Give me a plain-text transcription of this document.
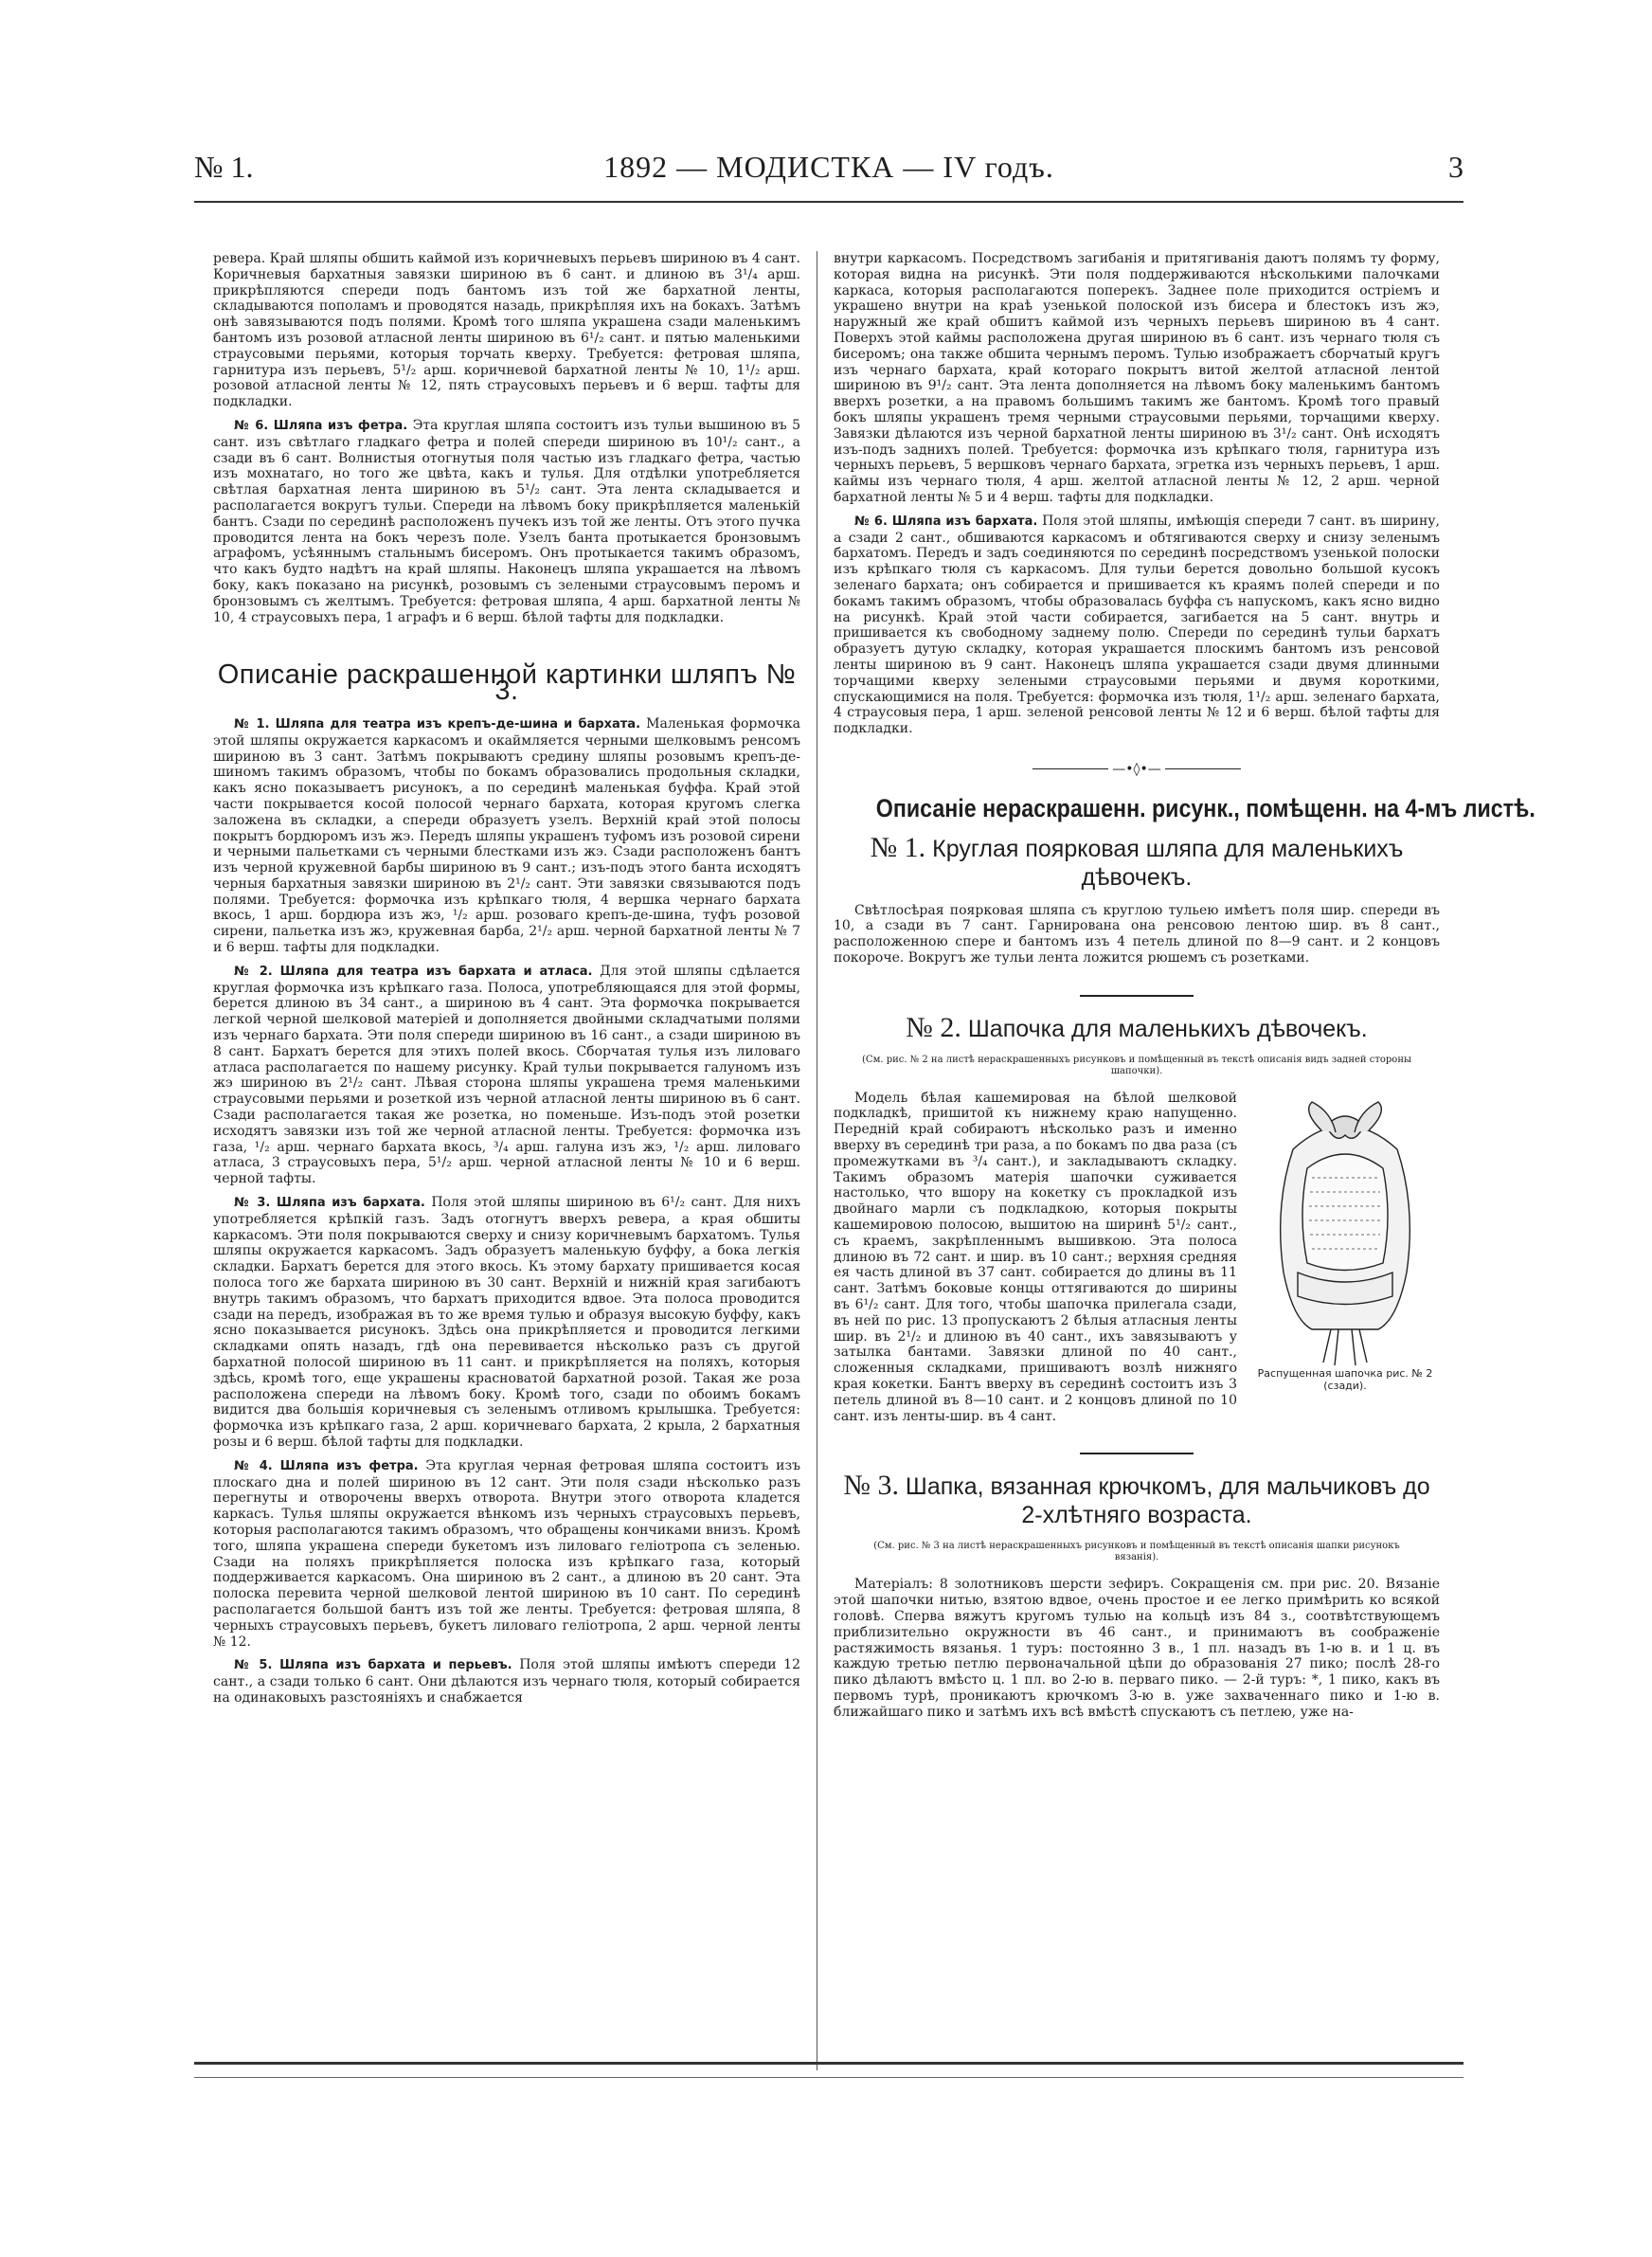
№ 1.	1892 — МОДИСТКА — IV годъ.	3

ревера. Край шляпы обшить каймой изъ коричневыхъ перьевъ шириною въ 4 сант. Коричневыя бархатныя завязки шириною въ 6 сант. и длиною въ 3¹/₄ арш. прикрѣпляются спереди подъ бантомъ изъ той же бархатной ленты, складываются пополамъ и проводятся назадь, прикрѣпляя ихъ на бокахъ. Затѣмъ онѣ завязываются подъ полями. Кромѣ того шляпа украшена сзади маленькимъ бантомъ изъ розовой атласной ленты шириною въ 6¹/₂ сант. и пятью маленькими страусовыми перьями, которыя торчать кверху. Требуется: фетровая шляпа, гарнитура изъ перьевъ, 5¹/₂ арш. коричневой бархатной ленты № 10, 1¹/₂ арш. розовой атласной ленты № 12, пять страусовыхъ перьевъ и 6 верш. тафты для подкладки.

№ 6. Шляпа изъ фетра. Эта круглая шляпа состоитъ изъ тульи вышиною въ 5 сант. изъ свѣтлаго гладкаго фетра и полей спереди шириною въ 10¹/₂ сант., а сзади въ 6 сант. Волнистыя отогнутыя поля частью изъ гладкаго фетра, частью изъ мохнатаго, но того же цвѣта, какъ и тулья. Для отдѣлки употребляется свѣтлая бархатная лента шириною въ 5¹/₂ сант. Эта лента складывается и располагается вокругъ тульи. Спереди на лѣвомъ боку прикрѣпляется маленькій бантъ. Сзади по серединѣ расположенъ пучекъ изъ той же ленты. Отъ этого пучка проводится лента на бокъ черезъ поле. Узелъ банта протыкается бронзовымъ аграфомъ, усѣяннымъ стальнымъ бисеромъ. Онъ протыкается такимъ образомъ, что какъ будто надѣтъ на край шляпы. Наконецъ шляпа украшается на лѣвомъ боку, какъ показано на рисункѣ, розовымъ съ зелеными страусовымъ перомъ и бронзовымъ съ желтымъ. Требуется: фетровая шляпа, 4 арш. бархатной ленты № 10, 4 страусовыхъ пера, 1 аграфъ и 6 верш. бѣлой тафты для подкладки.

Описаніе раскрашенной картинки шляпъ № 3.

№ 1. Шляпа для театра изъ крепъ-де-шина и бархата. Маленькая формочка этой шляпы окружается каркасомъ и окаймляется черными шелковымъ ренсомъ шириною въ 3 сант. Затѣмъ покрываютъ средину шляпы розовымъ крепъ-де-шиномъ такимъ образомъ, чтобы по бокамъ образовались продольныя складки, какъ ясно показываетъ рисунокъ, а по серединѣ маленькая буффа. Край этой части покрывается косой полосой чернаго бархата, которая кругомъ слегка заложена въ складки, а спереди образуетъ узелъ. Верхній край этой полосы покрытъ бордюромъ изъ жэ. Передъ шляпы украшенъ туфомъ изъ розовой сирени и черными пальетками съ черными блестками изъ жэ. Сзади расположенъ бантъ изъ черной кружевной барбы шириною въ 9 сант.; изъ-подъ этого банта исходятъ черныя бархатныя завязки шириною въ 2¹/₂ сант. Эти завязки связываются подъ полями. Требуется: формочка изъ крѣпкаго тюля, 4 вершка чернаго бархата вкось, 1 арш. бордюра изъ жэ, ¹/₂ арш. розоваго крепъ-де-шина, туфъ розовой сирени, пальетка изъ жэ, кружевная барба, 2¹/₂ арш. черной бархатной ленты № 7 и 6 верш. тафты для подкладки.

№ 2. Шляпа для театра изъ бархата и атласа. Для этой шляпы сдѣлается круглая формочка изъ крѣпкаго газа. Полоса, употребляющаяся для этой формы, берется длиною въ 34 сант., а шириною въ 4 сант. Эта формочка покрывается легкой черной шелковой матеріей и дополняется двойными складчатыми полями изъ чернаго бархата. Эти поля спереди шириною въ 16 сант., а сзади шириною въ 8 сант. Бархатъ берется для этихъ полей вкось. Сборчатая тулья изъ лиловаго атласа располагается по нашему рисунку. Край тульи покрывается галуномъ изъ жэ шириною въ 2¹/₂ сант. Лѣвая сторона шляпы украшена тремя маленькими страусовыми перьями и розеткой изъ черной атласной ленты шириною въ 6 сант. Сзади располагается такая же розетка, но поменьше. Изъ-подъ этой розетки исходятъ завязки изъ той же черной атласной ленты. Требуется: формочка изъ газа, ¹/₂ арш. чернаго бархата вкось, ³/₄ арш. галуна изъ жэ, ¹/₂ арш. лиловаго атласа, 3 страусовыхъ пера, 5¹/₂ арш. черной атласной ленты № 10 и 6 верш. черной тафты.

№ 3. Шляпа изъ бархата. Поля этой шляпы шириною въ 6¹/₂ сант. Для нихъ употребляется крѣпкій газъ. Задъ отогнутъ вверхъ ревера, а края обшиты каркасомъ. Эти поля покрываются сверху и снизу коричневымъ бархатомъ. Тулья шляпы окружается каркасомъ. Задъ образуетъ маленькую буффу, а бока легкія складки. Бархатъ берется для этого вкось. Къ этому бархату пришивается косая полоса того же бархата шириною въ 30 сант. Верхній и нижній края загибаютъ внутрь такимъ образомъ, что бархатъ приходится вдвое. Эта полоса проводится сзади на передъ, изображая въ то же время тулью и образуя высокую буффу, какъ ясно показывается рисунокъ. Здѣсь она прикрѣпляется и проводится легкими складками опять назадъ, гдѣ она перевивается нѣсколько разъ съ другой бархатной полосой шириною въ 11 сант. и прикрѣпляется на поляхъ, которыя здѣсь, кромѣ того, еще украшены красноватой бархатной розой. Такая же роза расположена спереди на лѣвомъ боку. Кромѣ того, сзади по обоимъ бокамъ видится два большія коричневыя съ зеленымъ отливомъ крылышка. Требуется: формочка изъ крѣпкаго газа, 2 арш. коричневаго бархата, 2 крыла, 2 бархатныя розы и 6 верш. бѣлой тафты для подкладки.

№ 4. Шляпа изъ фетра. Эта круглая черная фетровая шляпа состоитъ изъ плоскаго дна и полей шириною въ 12 сант. Эти поля сзади нѣсколько разъ перегнуты и отворочены вверхъ отворота. Внутри этого отворота кладется каркасъ. Тулья шляпы окружается вѣнкомъ изъ черныхъ страусовыхъ перьевъ, которыя располагаются такимъ образомъ, что обращены кончиками внизъ. Кромѣ того, шляпа украшена спереди букетомъ изъ лиловаго геліотропа съ зеленью. Сзади на поляхъ прикрѣпляется полоска изъ крѣпкаго газа, который поддерживается каркасомъ. Она шириною въ 2 сант., а длиною въ 20 сант. Эта полоска перевита черной шелковой лентой шириною въ 10 сант. По серединѣ располагается большой бантъ изъ той же ленты. Требуется: фетровая шляпа, 8 черныхъ страусовыхъ перьевъ, букетъ лиловаго геліотропа, 2 арш. черной ленты № 12.

№ 5. Шляпа изъ бархата и перьевъ. Поля этой шляпы имѣютъ спереди 12 сант., а сзади только 6 сант. Они дѣлаются изъ чернаго тюля, который собирается на одинаковыхъ разстояніяхъ и снабжается

внутри каркасомъ. Посредствомъ загибанія и притягиванія даютъ полямъ ту форму, которая видна на рисункѣ. Эти поля поддерживаются нѣсколькими палочками каркаса, которыя располагаются поперекъ. Заднее поле приходится остріемъ и украшено внутри на краѣ узенькой полоской изъ бисера и блестокъ изъ жэ, наружный же край обшитъ каймой изъ черныхъ перьевъ шириною въ 4 сант. Поверхъ этой каймы расположена другая шириною въ 6 сант. изъ чернаго тюля съ бисеромъ; она также обшита чернымъ перомъ. Тулью изображаетъ сборчатый кругъ изъ чернаго бархата, край котораго покрытъ витой желтой атласной лентой шириною въ 9¹/₂ сант. Эта лента дополняется на лѣвомъ боку маленькимъ бантомъ вверхъ розетки, а на правомъ большимъ такимъ же бантомъ. Кромѣ того правый бокъ шляпы украшенъ тремя черными страусовыми перьями, торчащими кверху. Завязки дѣлаются изъ черной бархатной ленты шириною въ 3¹/₂ сант. Онѣ исходятъ изъ-подъ заднихъ полей. Требуется: формочка изъ крѣпкаго тюля, гарнитура изъ черныхъ перьевъ, 5 вершковъ чернаго бархата, эгретка изъ черныхъ перьевъ, 1 арш. каймы изъ чернаго тюля, 4 арш. желтой атласной ленты № 12, 2 арш. черной бархатной ленты № 5 и 4 верш. тафты для подкладки.

№ 6. Шляпа изъ бархата. Поля этой шляпы, имѣющія спереди 7 сант. въ ширину, а сзади 2 сант., обшиваются каркасомъ и обтягиваются сверху и снизу зеленымъ бархатомъ. Передъ и задъ соединяются по серединѣ посредствомъ узенькой полоски изъ крѣпкаго тюля съ каркасомъ. Для тульи берется довольно большой кусокъ зеленаго бархата; онъ собирается и пришивается къ краямъ полей спереди и по бокамъ такимъ образомъ, чтобы образовалась буффа съ напускомъ, какъ ясно видно на рисункѣ. Край этой части собирается, загибается на 5 сант. внутрь и пришивается къ свободному заднему полю. Спереди по серединѣ тульи бархатъ образуетъ дутую складку, которая украшается плоскимъ бантомъ изъ ренсовой ленты шириною въ 9 сант. Наконецъ шляпа украшается сзади двумя длинными торчащими кверху зелеными страусовыми перьями и двумя короткими, спускающимися на поля. Требуется: формочка изъ тюля, 1¹/₂ арш. зеленаго бархата, 4 страусовыя пера, 1 арш. зеленой ренсовой ленты № 12 и 6 верш. бѣлой тафты для подкладки.

—•◊•—
Описаніе нераскрашенн. рисунк., помѣщенн. на 4-мъ листѣ.
№ 1. Круглая поярковая шляпа для маленькихъ дѣвочекъ.

Свѣтлосѣрая поярковая шляпа съ круглою тульею имѣетъ поля шир. спереди въ 10, а сзади въ 7 сант. Гарнирована она ренсовою лентою шир. въ 8 сант., расположенною спере и бантомъ изъ 4 петель длиной по 8—9 сант. и 2 концовъ покороче. Вокругъ же тульи лента ложится рюшемъ съ розетками.

№ 2. Шапочка для маленькихъ дѣвочекъ.
(См. рис. № 2 на листѣ нераскрашенныхъ рисунковъ и помѣщенный въ текстѣ описанія видъ задней стороны шапочки).
Распущенная шапочка рис. № 2 (сзади).

Модель бѣлая кашемировая на бѣлой шелковой подкладкѣ, пришитой къ нижнему краю напущенно. Передній край собираютъ нѣсколько разъ и именно вверху въ серединѣ три раза, а по бокамъ по два раза (съ промежутками въ ³/₄ сант.), и закладываютъ складку. Такимъ образомъ матерія шапочки суживается настолько, что вшору на кокетку съ прокладкой изъ двойнаго марли съ подкладкою, которыя покрыты кашемировою полосою, вышитою на ширинѣ 5¹/₂ сант., съ краемъ, закрѣпленнымъ вышивкою. Эта полоса длиною въ 72 сант. и шир. въ 10 сант.; верхняя средняя ея часть длиной въ 37 сант. собирается до длины въ 11 сант. Затѣмъ боковые концы оттягиваются до ширины въ 6¹/₂ сант. Для того, чтобы шапочка прилегала сзади, въ ней по рис. 13 пропускаютъ 2 бѣлыя атласныя ленты шир. въ 2¹/₂ и длиною въ 40 сант., ихъ завязываютъ у затылка бантами. Завязки длиной по 40 сант., сложенныя складками, пришиваютъ возлѣ нижняго края кокетки. Бантъ вверху въ серединѣ состоитъ изъ 3 петель длиной въ 8—10 сант. и 2 концовъ длиной по 10 сант. изъ ленты-шир. въ 4 сант.

№ 3. Шапка, вязанная крючкомъ, для мальчиковъ до 2-хлѣтняго возраста.
(См. рис. № 3 на листѣ нераскрашенныхъ рисунковъ и помѣщенный въ текстѣ описанія шапки рисунокъ вязанія).

Матеріалъ: 8 золотниковъ шерсти зефиръ. Сокращенія см. при рис. 20. Вязаніе этой шапочки нитью, взятою вдвое, очень простое и ее легко примѣрить ко всякой головѣ. Сперва вяжутъ кругомъ тулью на кольцѣ изъ 84 з., соотвѣтствующемъ приблизительно окружности въ 46 сант., и принимаютъ въ соображеніе растяжимость вязанья. 1 туръ: постоянно 3 в., 1 пл. назадъ въ 1-ю в. и 1 ц. въ каждую третью петлю первоначальной цѣпи до образованія 27 пико; послѣ 28-го пико дѣлаютъ вмѣсто ц. 1 пл. во 2-ю в. перваго пико. — 2-й туръ: *, 1 пико, какъ въ первомъ турѣ, проникаютъ крючкомъ 3-ю в. уже захваченнаго пико и 1-ю в. ближайшаго пико и затѣмъ ихъ всѣ вмѣстѣ спускаютъ съ петлею, уже на-
